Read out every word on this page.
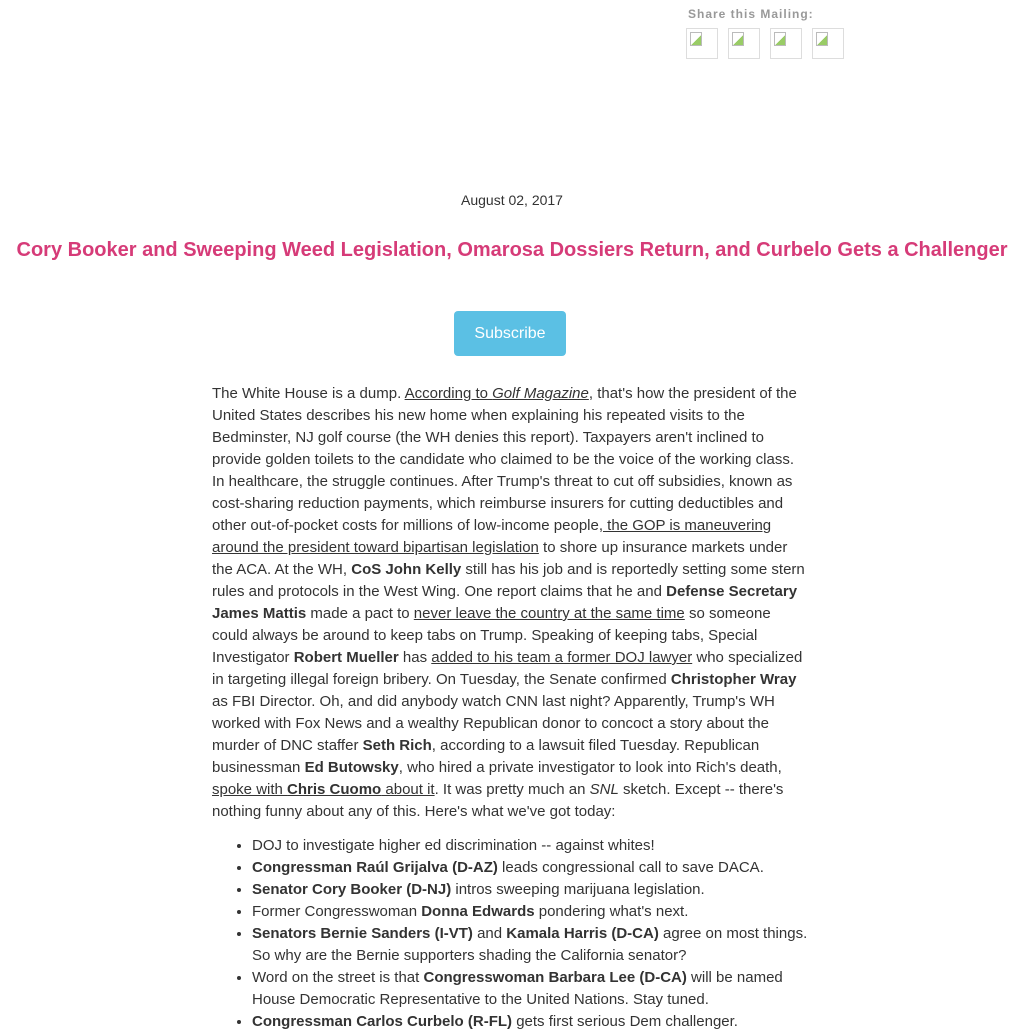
Share this Mailing:
August 02, 2017
Cory Booker and Sweeping Weed Legislation, Omarosa Dossiers Return, and Curbelo Gets a Challenger
Subscribe

The White House is a dump. According to Golf Magazine, that's how the president of the United States describes his new home when explaining his repeated visits to the Bedminster, NJ golf course (the WH denies this report). Taxpayers aren't inclined to provide golden toilets to the candidate who claimed to be the voice of the working class. In healthcare, the struggle continues. After Trump's threat to cut off subsidies, known as cost-sharing reduction payments, which reimburse insurers for cutting deductibles and other out-of-pocket costs for millions of low-income people, the GOP is maneuvering around the president toward bipartisan legislation to shore up insurance markets under the ACA. At the WH, CoS John Kelly still has his job and is reportedly setting some stern rules and protocols in the West Wing. One report claims that he and Defense Secretary James Mattis made a pact to never leave the country at the same time so someone could always be around to keep tabs on Trump. Speaking of keeping tabs, Special Investigator Robert Mueller has added to his team a former DOJ lawyer who specialized in targeting illegal foreign bribery. On Tuesday, the Senate confirmed Christopher Wray as FBI Director. Oh, and did anybody watch CNN last night? Apparently, Trump's WH worked with Fox News and a wealthy Republican donor to concoct a story about the murder of DNC staffer Seth Rich, according to a lawsuit filed Tuesday. Republican businessman Ed Butowsky, who hired a private investigator to look into Rich's death, spoke with Chris Cuomo about it. It was pretty much an SNL sketch. Except -- there's nothing funny about any of this. Here's what we've got today:

• DOJ to investigate higher ed discrimination -- against whites!
• Congressman Raúl Grijalva (D-AZ) leads congressional call to save DACA.
• Senator Cory Booker (D-NJ) intros sweeping marijuana legislation.
• Former Congresswoman Donna Edwards pondering what's next.
• Senators Bernie Sanders (I-VT) and Kamala Harris (D-CA) agree on most things. So why are the Bernie supporters shading the California senator?
• Word on the street is that Congresswoman Barbara Lee (D-CA) will be named House Democratic Representative to the United Nations. Stay tuned.
• Congressman Carlos Curbelo (R-FL) gets first serious Dem challenger.
